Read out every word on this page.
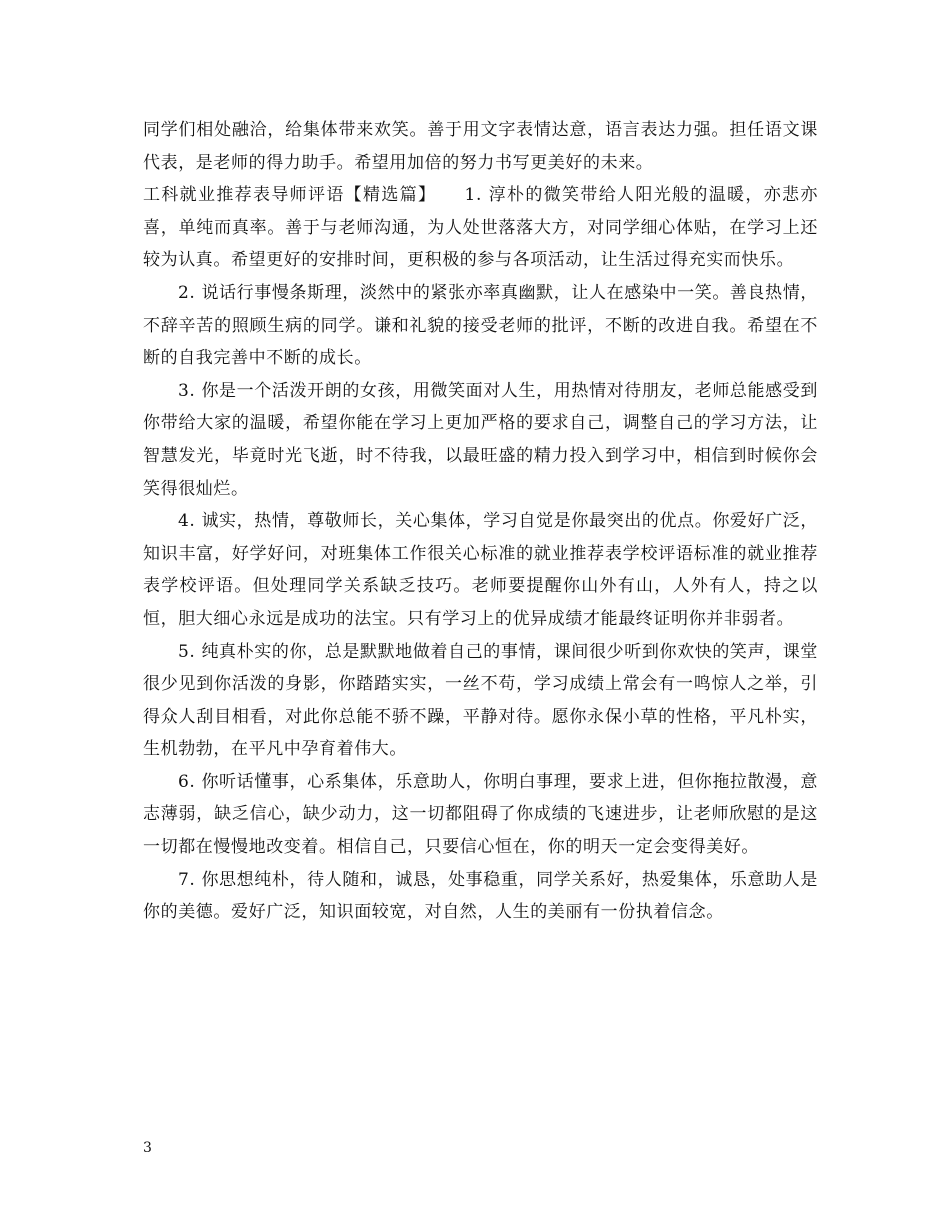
同学们相处融洽，给集体带来欢笑。善于用文字表情达意，语言表达力强。担任语文课代表，是老师的得力助手。希望用加倍的努力书写更美好的未来。

工科就业推荐表导师评语【精选篇】　　1. 淳朴的微笑带给人阳光般的温暖，亦悲亦喜，单纯而真率。善于与老师沟通，为人处世落落大方，对同学细心体贴，在学习上还较为认真。希望更好的安排时间，更积极的参与各项活动，让生活过得充实而快乐。

2. 说话行事慢条斯理，淡然中的紧张亦率真幽默，让人在感染中一笑。善良热情，不辞辛苦的照顾生病的同学。谦和礼貌的接受老师的批评，不断的改进自我。希望在不断的自我完善中不断的成长。

3. 你是一个活泼开朗的女孩，用微笑面对人生，用热情对待朋友，老师总能感受到你带给大家的温暖，希望你能在学习上更加严格的要求自己，调整自己的学习方法，让智慧发光，毕竟时光飞逝，时不待我，以最旺盛的精力投入到学习中，相信到时候你会笑得很灿烂。

4. 诚实，热情，尊敬师长，关心集体，学习自觉是你最突出的优点。你爱好广泛，知识丰富，好学好问，对班集体工作很关心标准的就业推荐表学校评语标准的就业推荐表学校评语。但处理同学关系缺乏技巧。老师要提醒你山外有山，人外有人，持之以恒，胆大细心永远是成功的法宝。只有学习上的优异成绩才能最终证明你并非弱者。

5. 纯真朴实的你，总是默默地做着自己的事情，课间很少听到你欢快的笑声，课堂很少见到你活泼的身影，你踏踏实实，一丝不苟，学习成绩上常会有一鸣惊人之举，引得众人刮目相看，对此你总能不骄不躁，平静对待。愿你永保小草的性格，平凡朴实，生机勃勃，在平凡中孕育着伟大。

6. 你听话懂事，心系集体，乐意助人，你明白事理，要求上进，但你拖拉散漫，意志薄弱，缺乏信心，缺少动力，这一切都阻碍了你成绩的飞速进步，让老师欣慰的是这一切都在慢慢地改变着。相信自己，只要信心恒在，你的明天一定会变得美好。

7. 你思想纯朴，待人随和，诚恳，处事稳重，同学关系好，热爱集体，乐意助人是你的美德。爱好广泛，知识面较宽，对自然，人生的美丽有一份执着信念。

3
